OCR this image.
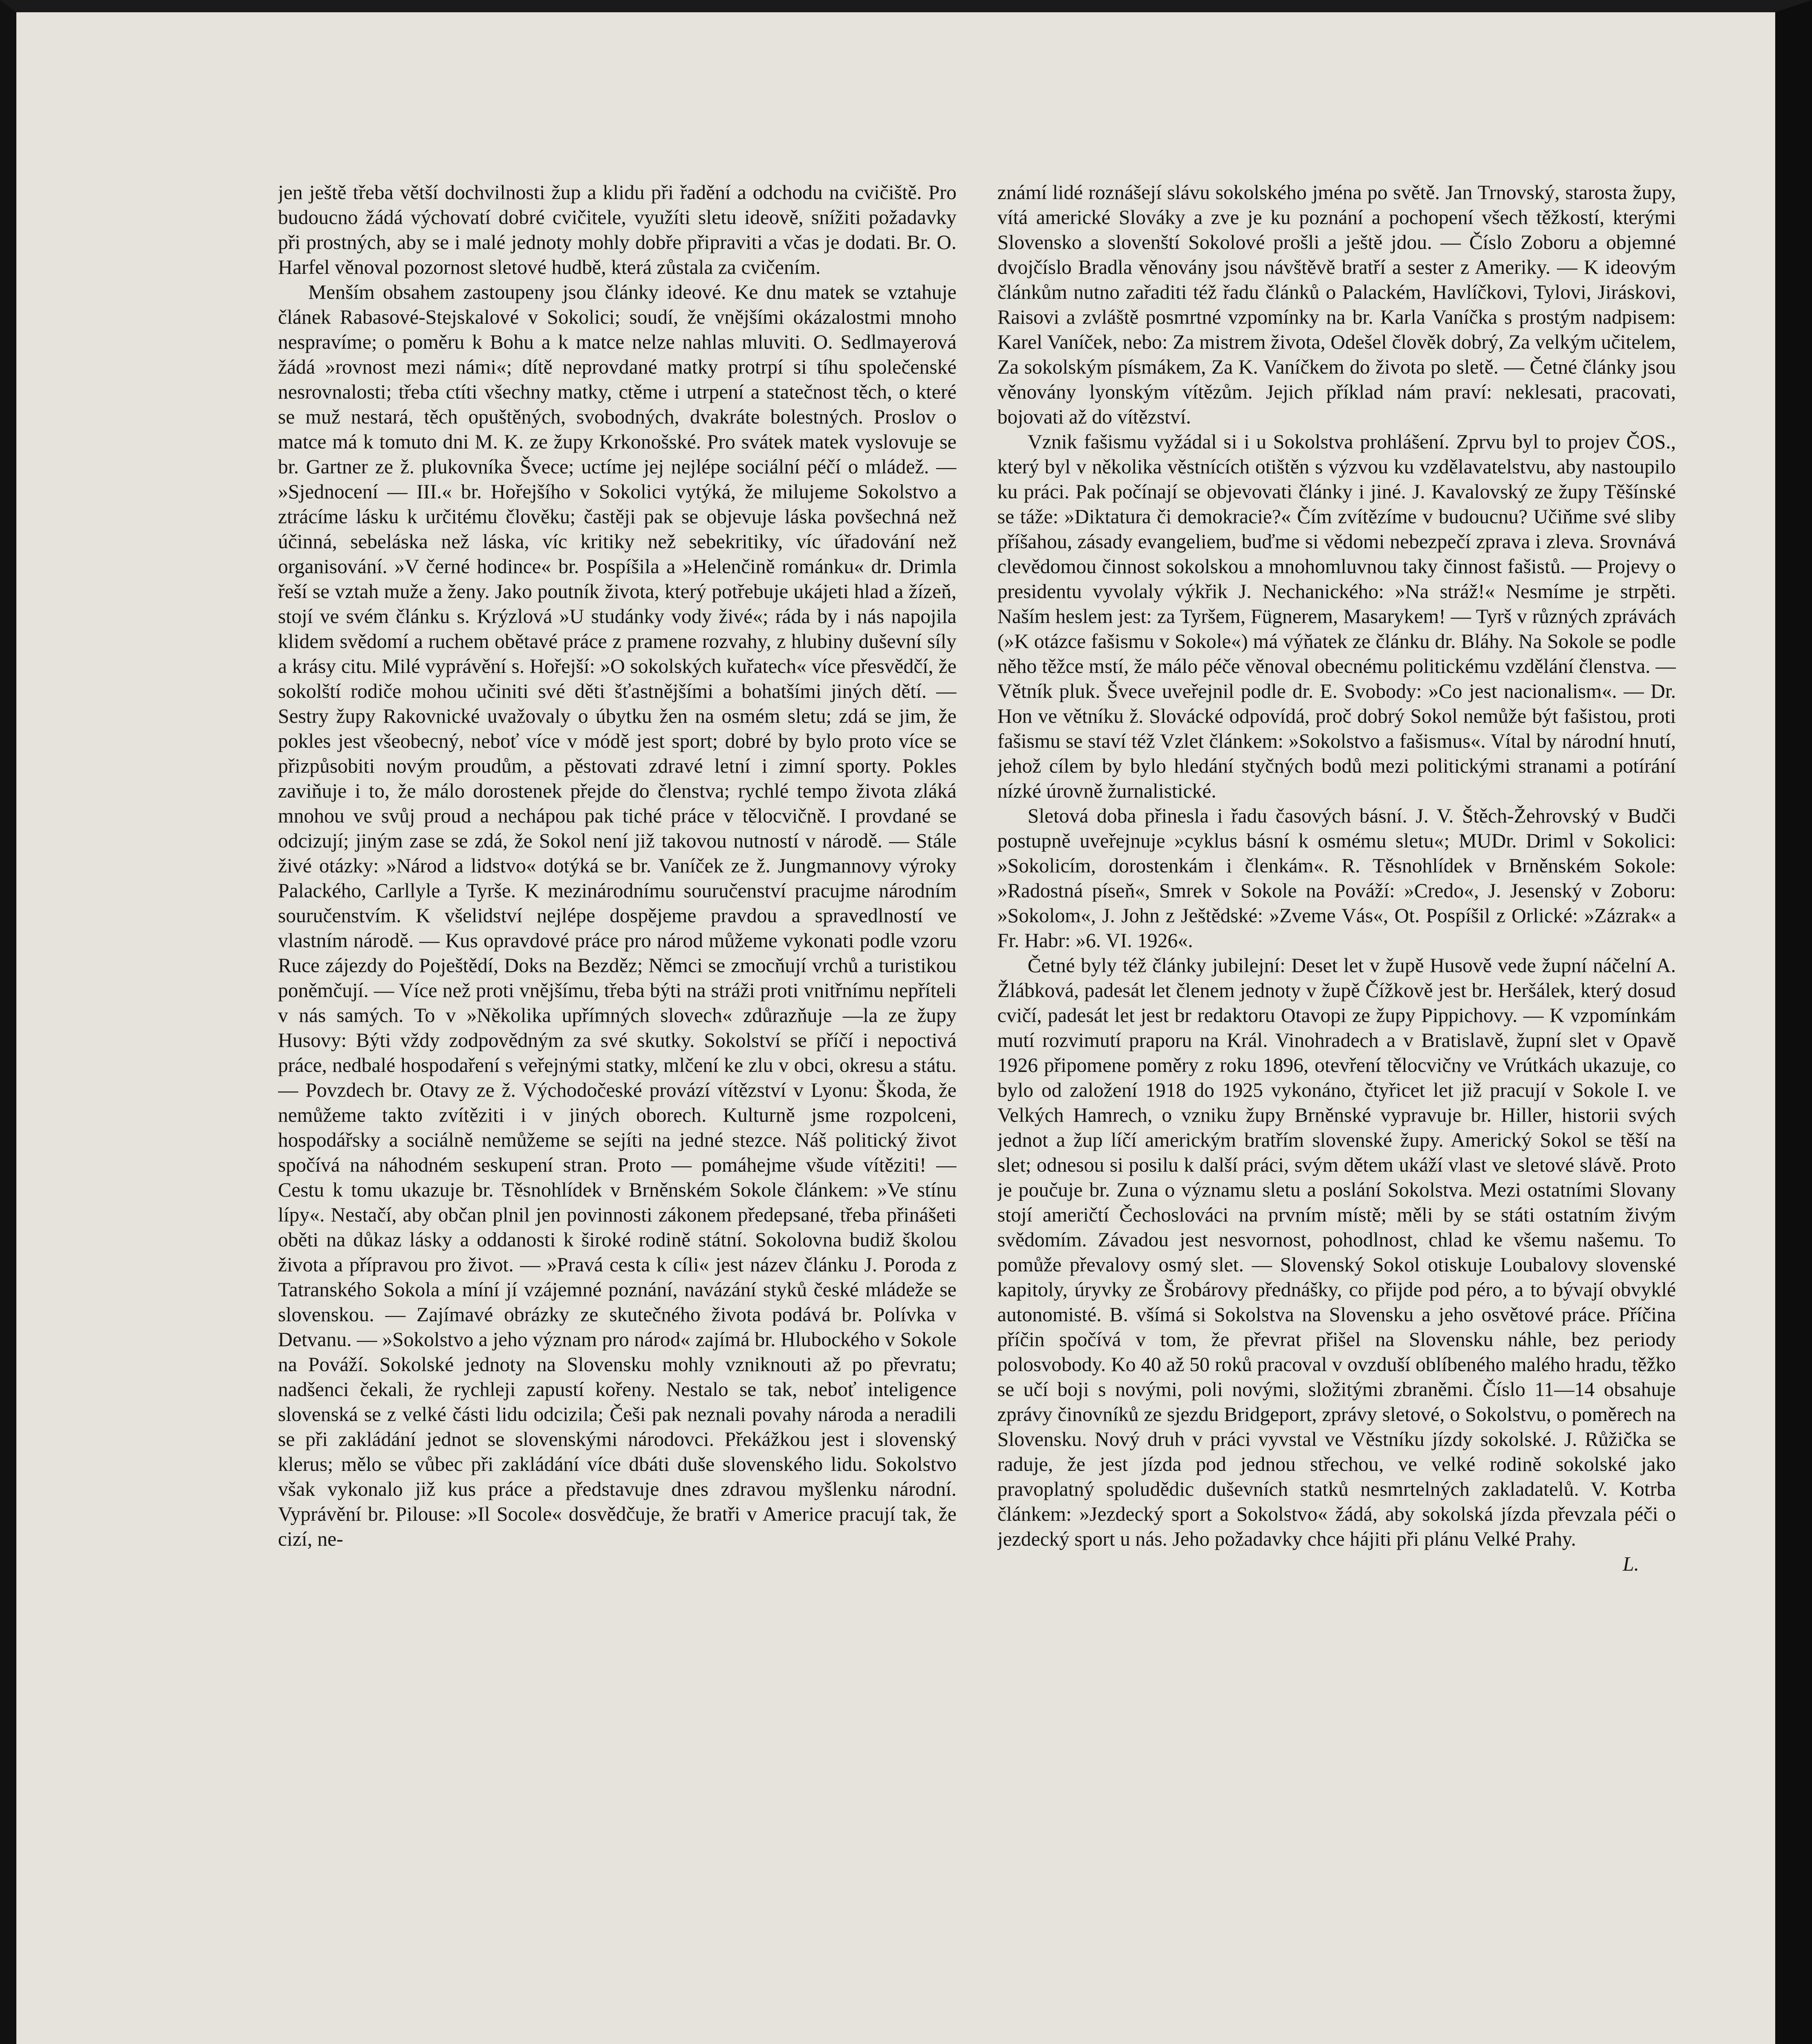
jen ještě třeba větší dochvilnosti žup a klidu při řadění a odchodu na cvičiště. Pro budoucno žádá výchovatí dobré cvičitele, využíti sletu ideově, snížiti požadavky při prostných, aby se i malé jednoty mohly dobře připraviti a včas je dodati. Br. O. Harfel věnoval pozornost sletové hudbě, která zůstala za cvičením.

Menším obsahem zastoupeny jsou články ideové. Ke dnu matek se vztahuje článek Rabasové-Stejskalové v Sokolici; soudí, že vnějšími okázalostmi mnoho nespravíme; o poměru k Bohu a k matce nelze nahlas mluviti. O. Sedlmayerová žádá »rovnost mezi námi«; dítě neprovdané matky protrpí si tíhu společenské nesrovnalosti; třeba ctíti všechny matky, ctěme i utrpení a statečnost těch, o které se muž nestará, těch opuštěných, svobodných, dvakráte bolestných. Proslov o matce má k tomuto dni M. K. ze župy Krkonošské. Pro svátek matek vyslovuje se br. Gartner ze ž. plukovníka Švece; uctíme jej nejlépe sociální péčí o mládež. — »Sjednocení — III.« br. Hořejšího v Sokolici vytýká, že milujeme Sokolstvo a ztrácíme lásku k určitému člověku; častěji pak se objevuje láska povšechná než účinná, sebeláska než láska, víc kritiky než sebekritiky, víc úřadování než organisování. »V černé hodince« br. Pospíšila a »Helenčině románku« dr. Drimla řeší se vztah muže a ženy. Jako poutník života, který potřebuje ukájeti hlad a žízeň, stojí ve svém článku s. Krýzlová »U studánky vody živé«; ráda by i nás napojila klidem svědomí a ruchem obětavé práce z pramene rozvahy, z hlubiny duševní síly a krásy citu. Milé vyprávění s. Hořejší: »O sokolských kuřatech« více přesvědčí, že sokolští rodiče mohou učiniti své děti šťastnějšími a bohatšími jiných dětí. — Sestry župy Rakovnické uvažovaly o úbytku žen na osmém sletu; zdá se jim, že pokles jest všeobecný, neboť více v módě jest sport; dobré by bylo proto více se přizpůsobiti novým proudům, a pěstovati zdravé letní i zimní sporty. Pokles zaviňuje i to, že málo dorostenek přejde do členstva; rychlé tempo života zláká mnohou ve svůj proud a nechápou pak tiché práce v tělocvičně. I provdané se odcizují; jiným zase se zdá, že Sokol není již takovou nutností v národě. — Stále živé otázky: »Národ a lidstvo« dotýká se br. Vaníček ze ž. Jungmannovy výroky Palackého, Carllyle a Tyrše. K mezinárodnímu souručenství pracujme národním souručenstvím. K všelidství nejlépe dospějeme pravdou a spravedlností ve vlastním národě. — Kus opravdové práce pro národ můžeme vykonati podle vzoru Ruce zájezdy do Poještědí, Doks na Bezděz; Němci se zmocňují vrchů a turistikou poněmčují. — Více než proti vnějšímu, třeba býti na stráži proti vnitřnímu nepříteli v nás samých. To v »Několika upřímných slovech« zdůrazňuje —la ze župy Husovy: Býti vždy zodpovědným za své skutky. Sokolství se příčí i nepoctivá práce, nedbalé hospodaření s veřejnými statky, mlčení ke zlu v obci, okresu a státu. — Povzdech br. Otavy ze ž. Východočeské provází vítězství v Lyonu: Škoda, že nemůžeme takto zvítěziti i v jiných oborech. Kulturně jsme rozpolceni, hospodářsky a sociálně nemůžeme se sejíti na jedné stezce. Náš politický život spočívá na náhodném seskupení stran. Proto — pomáhejme všude vítěziti! — Cestu k tomu ukazuje br. Těsnohlídek v Brněnském Sokole článkem: »Ve stínu lípy«. Nestačí, aby občan plnil jen povinnosti zákonem předepsané, třeba přinášeti oběti na důkaz lásky a oddanosti k široké rodině státní. Sokolovna budiž školou života a přípravou pro život. — »Pravá cesta k cíli« jest název článku J. Poroda z Tatranského Sokola a míní jí vzájemné poznání, navázání styků české mládeže se slovenskou. — Zajímavé obrázky ze skutečného života podává br. Polívka v Detvanu. — »Sokolstvo a jeho význam pro národ« zajímá br. Hlubockého v Sokole na Pováží. Sokolské jednoty na Slovensku mohly vzniknouti až po převratu; nadšenci čekali, že rychleji zapustí kořeny. Nestalo se tak, neboť inteligence slovenská se z velké části lidu odcizila; Češi pak neznali povahy národa a neradili se při zakládání jednot se slovenskými národovci. Překážkou jest i slovenský klerus; mělo se vůbec při zakládání více dbáti duše slovenského lidu. Sokolstvo však vykonalo již kus práce a představuje dnes zdravou myšlenku národní. Vyprávění br. Pilouse: »Il Socole« dosvědčuje, že bratři v Americe pracují tak, že cizí, ne-

známí lidé roznášejí slávu sokolského jména po světě. Jan Trnovský, starosta župy, vítá americké Slováky a zve je ku poznání a pochopení všech těžkostí, kterými Slovensko a slovenští Sokolové prošli a ještě jdou. — Číslo Zoboru a objemné dvojčíslo Bradla věnovány jsou návštěvě bratří a sester z Ameriky. — K ideovým článkům nutno zařaditi též řadu článků o Palackém, Havlíčkovi, Tylovi, Jiráskovi, Raisovi a zvláště posmrtné vzpomínky na br. Karla Vaníčka s prostým nadpisem: Karel Vaníček, nebo: Za mistrem života, Odešel člověk dobrý, Za velkým učitelem, Za sokolským písmákem, Za K. Vaníčkem do života po sletě. — Četné články jsou věnovány lyonským vítězům. Jejich příklad nám praví: neklesati, pracovati, bojovati až do vítězství.

Vznik fašismu vyžádal si i u Sokolstva prohlášení. Zprvu byl to projev ČOS., který byl v několika věstnících otištěn s výzvou ku vzdělavatelstvu, aby nastoupilo ku práci. Pak počínají se objevovati články i jiné. J. Kavalovský ze župy Těšínské se táže: »Diktatura či demokracie?« Čím zvítězíme v budoucnu? Učiňme své sliby příšahou, zásady evangeliem, buďme si vědomi nebezpečí zprava i zleva. Srovnává clevědomou činnost sokolskou a mnohomluvnou taky činnost fašistů. — Projevy o presidentu vyvolaly výkřik J. Nechanického: »Na stráž!« Nesmíme je strpěti. Naším heslem jest: za Tyršem, Fügnerem, Masarykem! — Tyrš v různých zprávách (»K otázce fašismu v Sokole«) má výňatek ze článku dr. Bláhy. Na Sokole se podle něho těžce mstí, že málo péče věnoval obecnému politickému vzdělání členstva. — Větník pluk. Švece uveřejnil podle dr. E. Svobody: »Co jest nacionalism«. — Dr. Hon ve větníku ž. Slovácké odpovídá, proč dobrý Sokol nemůže být fašistou, proti fašismu se staví též Vzlet článkem: »Sokolstvo a fašismus«. Vítal by národní hnutí, jehož cílem by bylo hledání styčných bodů mezi politickými stranami a potírání nízké úrovně žurnalistické.

Sletová doba přinesla i řadu časových básní. J. V. Štěch-Žehrovský v Budči postupně uveřejnuje »cyklus básní k osmému sletu«; MUDr. Driml v Sokolici: »Sokolicím, dorostenkám i členkám«. R. Těsnohlídek v Brněnském Sokole: »Radostná píseň«, Smrek v Sokole na Pováží: »Credo«, J. Jesenský v Zoboru: »Sokolom«, J. John z Ještědské: »Zveme Vás«, Ot. Pospíšil z Orlické: »Zázrak« a Fr. Habr: »6. VI. 1926«.

Četné byly též články jubilejní: Deset let v župě Husově vede župní náčelní A. Žlábková, padesát let členem jednoty v župě Čížkově jest br. Heršálek, který dosud cvičí, padesát let jest br redaktoru Otavopi ze župy Pippichovy. — K vzpomínkám mutí rozvimutí praporu na Král. Vinohradech a v Bratislavě, župní slet v Opavě 1926 připomene poměry z roku 1896, otevření tělocvičny ve Vrútkách ukazuje, co bylo od založení 1918 do 1925 vykonáno, čtyřicet let již pracují v Sokole I. ve Velkých Hamrech, o vzniku župy Brněnské vypravuje br. Hiller, historii svých jednot a žup líčí americkým bratřím slovenské župy. Americký Sokol se těší na slet; odnesou si posilu k další práci, svým dětem ukáží vlast ve sletové slávě. Proto je poučuje br. Zuna o významu sletu a poslání Sokolstva. Mezi ostatními Slovany stojí američtí Čechoslováci na prvním místě; měli by se státi ostatním živým svědomím. Závadou jest nesvornost, pohodlnost, chlad ke všemu našemu. To pomůže převalovy osmý slet. — Slovenský Sokol otiskuje Loubalovy slovenské kapitoly, úryvky ze Šrobárovy přednášky, co přijde pod péro, a to bývají obvyklé autonomisté. B. všímá si Sokolstva na Slovensku a jeho osvětové práce. Příčina příčin spočívá v tom, že převrat přišel na Slovensku náhle, bez periody polosvobody. Ko 40 až 50 roků pracoval v ovzduší oblíbeného malého hradu, těžko se učí boji s novými, poli novými, složitými zbraněmi. Číslo 11—14 obsahuje zprávy činovníků ze sjezdu Bridgeport, zprávy sletové, o Sokolstvu, o poměrech na Slovensku. Nový druh v práci vyvstal ve Věstníku jízdy sokolské. J. Růžička se raduje, že jest jízda pod jednou střechou, ve velké rodině sokolské jako pravoplatný spoludědic duševních statků nesmrtelných zakladatelů. V. Kotrba článkem: »Jezdecký sport a Sokolstvo« žádá, aby sokolská jízda převzala péči o jezdecký sport u nás. Jeho požadavky chce hájiti při plánu Velké Prahy.

L.
